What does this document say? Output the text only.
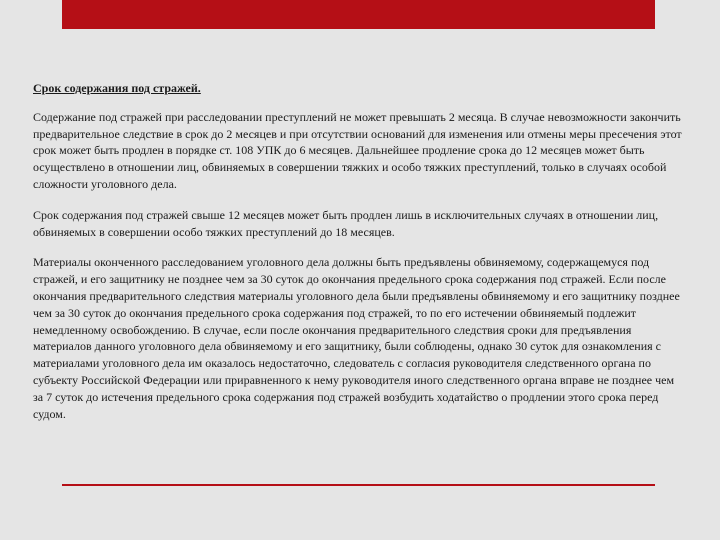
Срок содержания под стражей.

Содержание под стражей при расследовании преступлений не может превышать 2 месяца. В случае невозможности закончить предварительное следствие в срок до 2 месяцев и при отсутствии оснований для изменения или отмены меры пресечения этот срок может быть продлен в порядке ст. 108 УПК до 6 месяцев. Дальнейшее продление срока до 12 месяцев может быть осуществлено в отношении лиц, обвиняемых в совершении тяжких и особо тяжких преступлений, только в случаях особой сложности уголовного дела.

Срок содержания под стражей свыше 12 месяцев может быть продлен лишь в исключительных случаях в отношении лиц, обвиняемых в совершении особо тяжких преступлений до 18 месяцев.

Материалы оконченного расследованием уголовного дела должны быть предъявлены обвиняемому, содержащемуся под стражей, и его защитнику не позднее чем за 30 суток до окончания предельного срока содержания под стражей. Если после окончания предварительного следствия материалы уголовного дела были предъявлены обвиняемому и его защитнику позднее чем за 30 суток до окончания предельного срока содержания под стражей, то по его истечении обвиняемый подлежит немедленному освобождению. В случае, если после окончания предварительного следствия сроки для предъявления материалов данного уголовного дела обвиняемому и его защитнику, были соблюдены, однако 30 суток для ознакомления с материалами уголовного дела им оказалось недостаточно, следователь с согласия руководителя следственного органа по субъекту Российской Федерации или приравненного к нему руководителя иного следственного органа вправе не позднее чем за 7 суток до истечения предельного срока содержания под стражей возбудить ходатайство о продлении этого срока перед судом.
